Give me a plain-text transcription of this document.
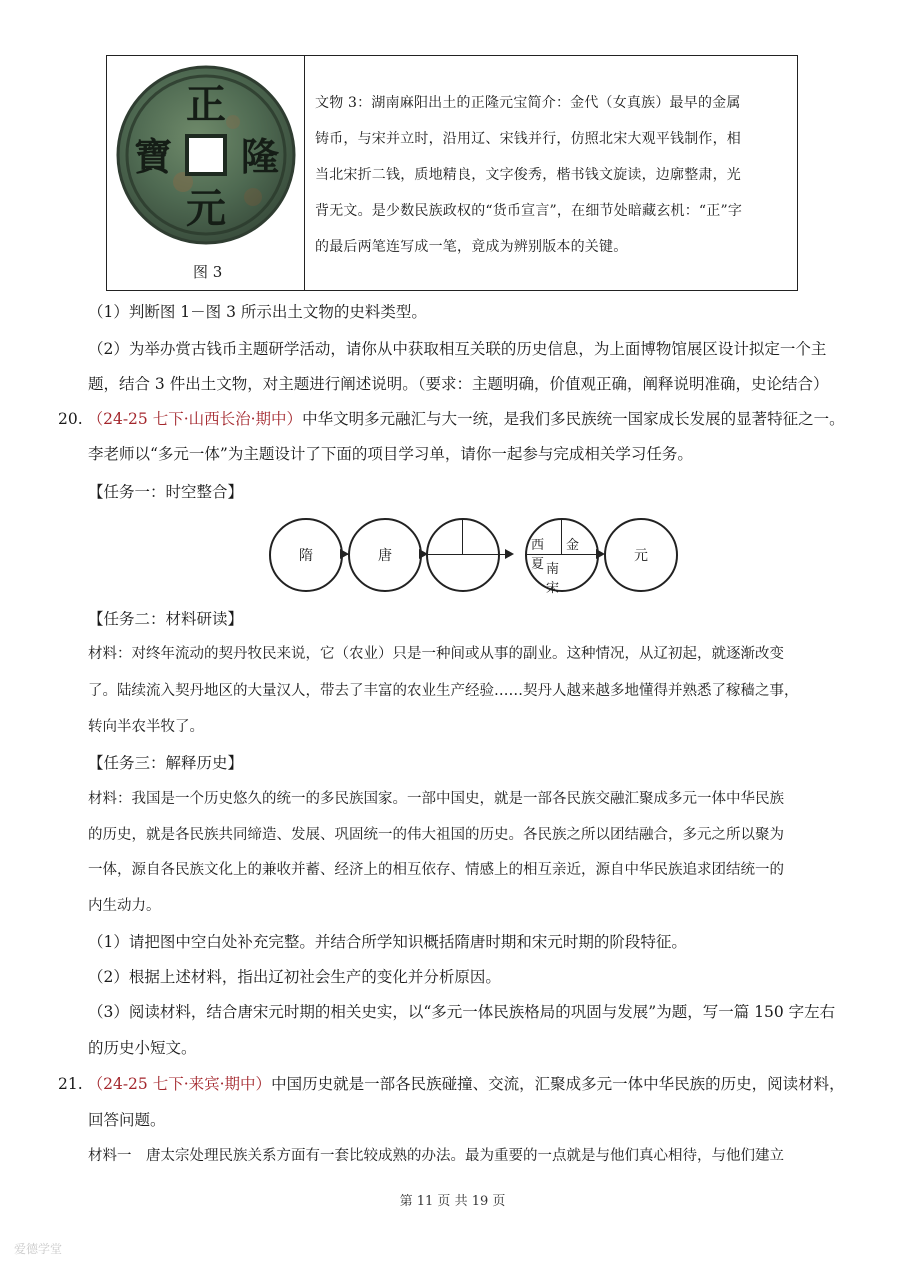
正
元
寶 隆
图 3
文物 3：湖南麻阳出土的正隆元宝简介：金代（女真族）最早的金属
铸币，与宋并立时，沿用辽、宋钱并行，仿照北宋大观平钱制作，相
当北宋折二钱，质地精良，文字俊秀，楷书钱文旋读，边廓整肃，光
背无文。是少数民族政权的“货币宣言”，在细节处暗藏玄机：“正”字
的最后两笔连写成一笔，竟成为辨别版本的关键。
（1）判断图 1－图 3 所示出土文物的史料类型。
（2）为举办赏古钱币主题研学活动，请你从中获取相互关联的历史信息，为上面博物馆展区设计拟定一个主
题，结合 3 件出土文物，对主题进行阐述说明。（要求：主题明确，价值观正确，阐释说明准确，史论结合）
20. （24-25 七下·山西长治·期中）中华文明多元融汇与大一统，是我们多民族统一国家成长发展的显著特征之一。
李老师以“多元一体”为主题设计了下面的项目学习单，请你一起参与完成相关学习任务。
【任务一：时空整合】
隋	唐
西夏
金
南宋
元
【任务二：材料研读】
材料：对终年流动的契丹牧民来说，它（农业）只是一种间或从事的副业。这种情况，从辽初起，就逐渐改变
了。陆续流入契丹地区的大量汉人，带去了丰富的农业生产经验……契丹人越来越多地懂得并熟悉了稼穑之事，
转向半农半牧了。
【任务三：解释历史】
材料：我国是一个历史悠久的统一的多民族国家。一部中国史，就是一部各民族交融汇聚成多元一体中华民族
的历史，就是各民族共同缔造、发展、巩固统一的伟大祖国的历史。各民族之所以团结融合，多元之所以聚为
一体，源自各民族文化上的兼收并蓄、经济上的相互依存、情感上的相互亲近，源自中华民族追求团结统一的
内生动力。
（1）请把图中空白处补充完整。并结合所学知识概括隋唐时期和宋元时期的阶段特征。
（2）根据上述材料，指出辽初社会生产的变化并分析原因。
（3）阅读材料，结合唐宋元时期的相关史实，以“多元一体民族格局的巩固与发展”为题，写一篇 150 字左右
的历史小短文。
21. （24-25 七下·来宾·期中）中国历史就是一部各民族碰撞、交流，汇聚成多元一体中华民族的历史，阅读材料，
回答问题。
材料一　唐太宗处理民族关系方面有一套比较成熟的办法。最为重要的一点就是与他们真心相待，与他们建立
第 11 页 共 19 页
爱德学堂
